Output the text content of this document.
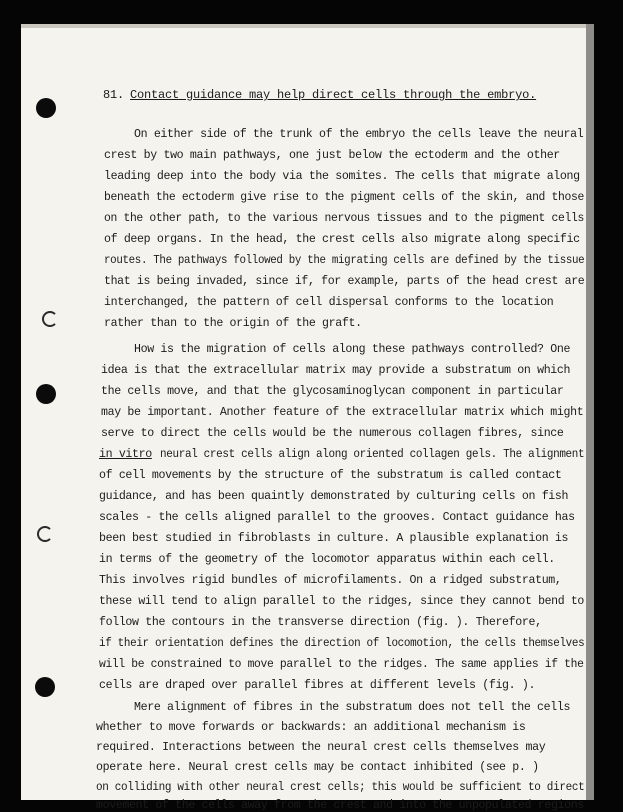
81. Contact guidance may help direct cells through the embryo.
On either side of the trunk of the embryo the cells leave the neural
crest by two main pathways, one just below the ectoderm and the other
leading deep into the body via the somites. The cells that migrate along
beneath the ectoderm give rise to the pigment cells of the skin, and those
on the other path, to the various nervous tissues and to the pigment cells
of deep organs. In the head, the crest cells also migrate along specific
routes. The pathways followed by the migrating cells are defined by the tissue
that is being invaded, since if, for example, parts of the head crest are
interchanged, the pattern of cell dispersal conforms to the location
rather than to the origin of the graft.
How is the migration of cells along these pathways controlled? One
idea is that the extracellular matrix may provide a substratum on which
the cells move, and that the glycosaminoglycan component in particular
may be important. Another feature of the extracellular matrix which might
serve to direct the cells would be the numerous collagen fibres, since
in vitro neural crest cells align along oriented collagen gels. The alignment
of cell movements by the structure of the substratum is called contact
guidance, and has been quaintly demonstrated by culturing cells on fish
scales - the cells aligned parallel to the grooves. Contact guidance has
been best studied in fibroblasts in culture. A plausible explanation is
in terms of the geometry of the locomotor apparatus within each cell.
This involves rigid bundles of microfilaments. On a ridged substratum,
these will tend to align parallel to the ridges, since they cannot bend to
follow the contours in the transverse direction (fig. ). Therefore,
if their orientation defines the direction of locomotion, the cells themselves
will be constrained to move parallel to the ridges. The same applies if the
cells are draped over parallel fibres at different levels (fig. ).
Mere alignment of fibres in the substratum does not tell the cells
whether to move forwards or backwards: an additional mechanism is
required. Interactions between the neural crest cells themselves may
operate here. Neural crest cells may be contact inhibited (see p. )
on colliding with other neural crest cells; this would be sufficient to direct
movement of the cells away from the crest and into the unpopulated regions
